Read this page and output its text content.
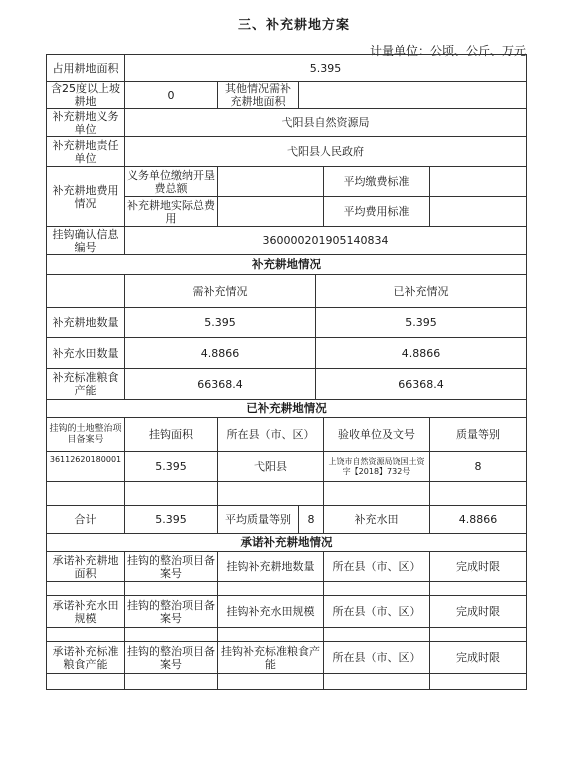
三、补充耕地方案
计量单位：公顷、公斤、万元
占用耕地面积	5.395					
含25度以上坡耕地	0	其他情况需补充耕地面积				
补充耕地义务单位	弋阳县自然资源局					
补充耕地责任单位	弋阳县人民政府					
补充耕地费用情况	义务单位缴纳开垦费总额				平均缴费标准	
	补充耕地实际总费用				平均费用标准	
挂钩确认信息编号	360000201905140834					
补充耕地情况						
	需补充情况			已补充情况		
补充耕地数量	5.395			5.395		
补充水田数量	4.8866			4.8866		
补充标准粮食产能	66368.4			66368.4		
已补充耕地情况						
挂钩的土地整治项目备案号	挂钩面积	所在县（市、区）			验收单位及文号	质量等别
36112620180001	5.395	弋阳县			上饶市自然资源局饶国土资字【2018】732号	8

合计	5.395	平均质量等别	8		补充水田	4.8866
承诺补充耕地情况						
承诺补充耕地面积	挂钩的整治项目备案号	挂钩补充耕地数量			所在县（市、区）	完成时限

承诺补充水田规模	挂钩的整治项目备案号	挂钩补充水田规模			所在县（市、区）	完成时限

承诺补充标准粮食产能	挂钩的整治项目备案号	挂钩补充标准粮食产能			所在县（市、区）	完成时限
